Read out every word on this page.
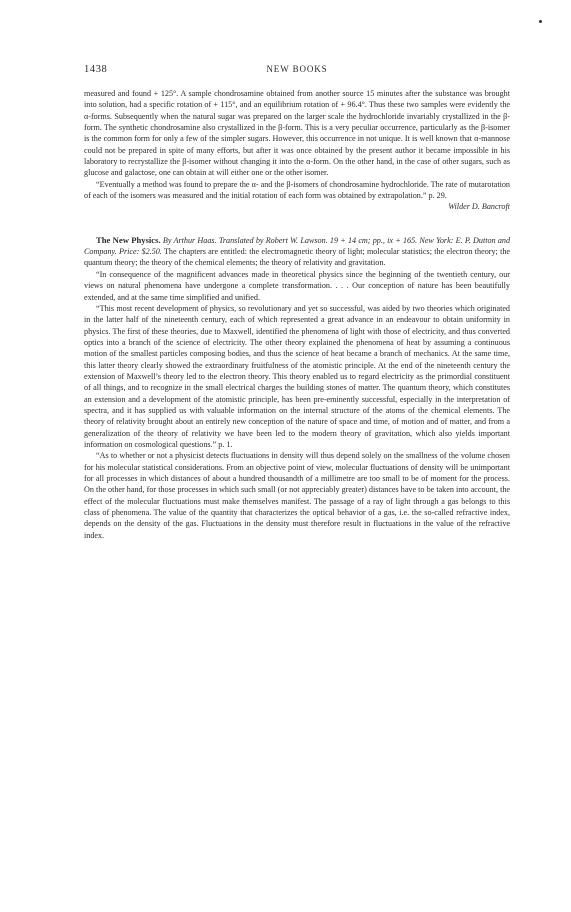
1438	NEW BOOKS

measured and found + 125°. A sample chondrosamine obtained from another source 15 minutes after the substance was brought into solution, had a specific rotation of + 115°, and an equilibrium rotation of + 96.4°. Thus these two samples were evidently the α-forms. Subsequently when the natural sugar was prepared on the larger scale the hydrochloride invariably crystallized in the β-form. The synthetic chondrosamine also crystallized in the β-form. This is a very peculiar occurrence, particularly as the β-isomer is the common form for only a few of the simpler sugars. However, this occurrence in not unique. It is well known that α-mannose could not be prepared in spite of many efforts, but after it was once obtained by the present author it became impossible in his laboratory to recrystallize the β-isomer without changing it into the α-form. On the other hand, in the case of other sugars, such as glucose and galactose, one can obtain at will either one or the other isomer.

“Eventually a method was found to prepare the α- and the β-isomers of chondrosamine hydrochloride. The rate of mutarotation of each of the isomers was measured and the initial rotation of each form was obtained by extrapolation.” p. 29.

Wilder D. Bancroft

The New Physics. By Arthur Haas. Translated by Robert W. Lawson. 19 + 14 cm; pp., ix + 165. New York: E. P. Dutton and Company. Price: $2.50. The chapters are entitled: the electromagnetic theory of light; molecular statistics; the electron theory; the quantum theory; the theory of the chemical elements; the theory of relativity and gravitation.

“In consequence of the magnificent advances made in theoretical physics since the beginning of the twentieth century, our views on natural phenomena have undergone a complete transformation. . . . Our conception of nature has been beautifully extended, and at the same time simplified and unified.

“This most recent development of physics, so revolutionary and yet so successful, was aided by two theories which originated in the latter half of the nineteenth century, each of which represented a great advance in an endeavour to obtain uniformity in physics. The first of these theories, due to Maxwell, identified the phenomena of light with those of electricity, and thus converted optics into a branch of the science of electricity. The other theory explained the phenomena of heat by assuming a continuous motion of the smallest particles composing bodies, and thus the science of heat became a branch of mechanics. At the same time, this latter theory clearly showed the extraordinary fruitfulness of the atomistic principle. At the end of the nineteenth century the extension of Maxwell’s theory led to the electron theory. This theory enabled us to regard electricity as the primordial constituent of all things, and to recognize in the small electrical charges the building stones of matter. The quantum theory, which constitutes an extension and a development of the atomistic principle, has been pre-eminently successful, especially in the interpretation of spectra, and it has supplied us with valuable information on the internal structure of the atoms of the chemical elements. The theory of relativity brought about an entirely new conception of the nature of space and time, of motion and of matter, and from a generalization of the theory of relativity we have been led to the modern theory of gravitation, which also yields important information on cosmological questions.” p. 1.

“As to whether or not a physicist detects fluctuations in density will thus depend solely on the smallness of the volume chosen for his molecular statistical considerations. From an objective point of view, molecular fluctuations of density will be unimportant for all processes in which distances of about a hundred thousandth of a millimetre are too small to be of moment for the process. On the other hand, for those processes in which such small (or not appreciably greater) distances have to be taken into account, the effect of the molecular fluctuations must make themselves manifest. The passage of a ray of light through a gas belongs to this class of phenomena. The value of the quantity that characterizes the optical behavior of a gas, i.e. the so-called refractive index, depends on the density of the gas. Fluctuations in the density must therefore result in fluctuations in the value of the refractive index.
